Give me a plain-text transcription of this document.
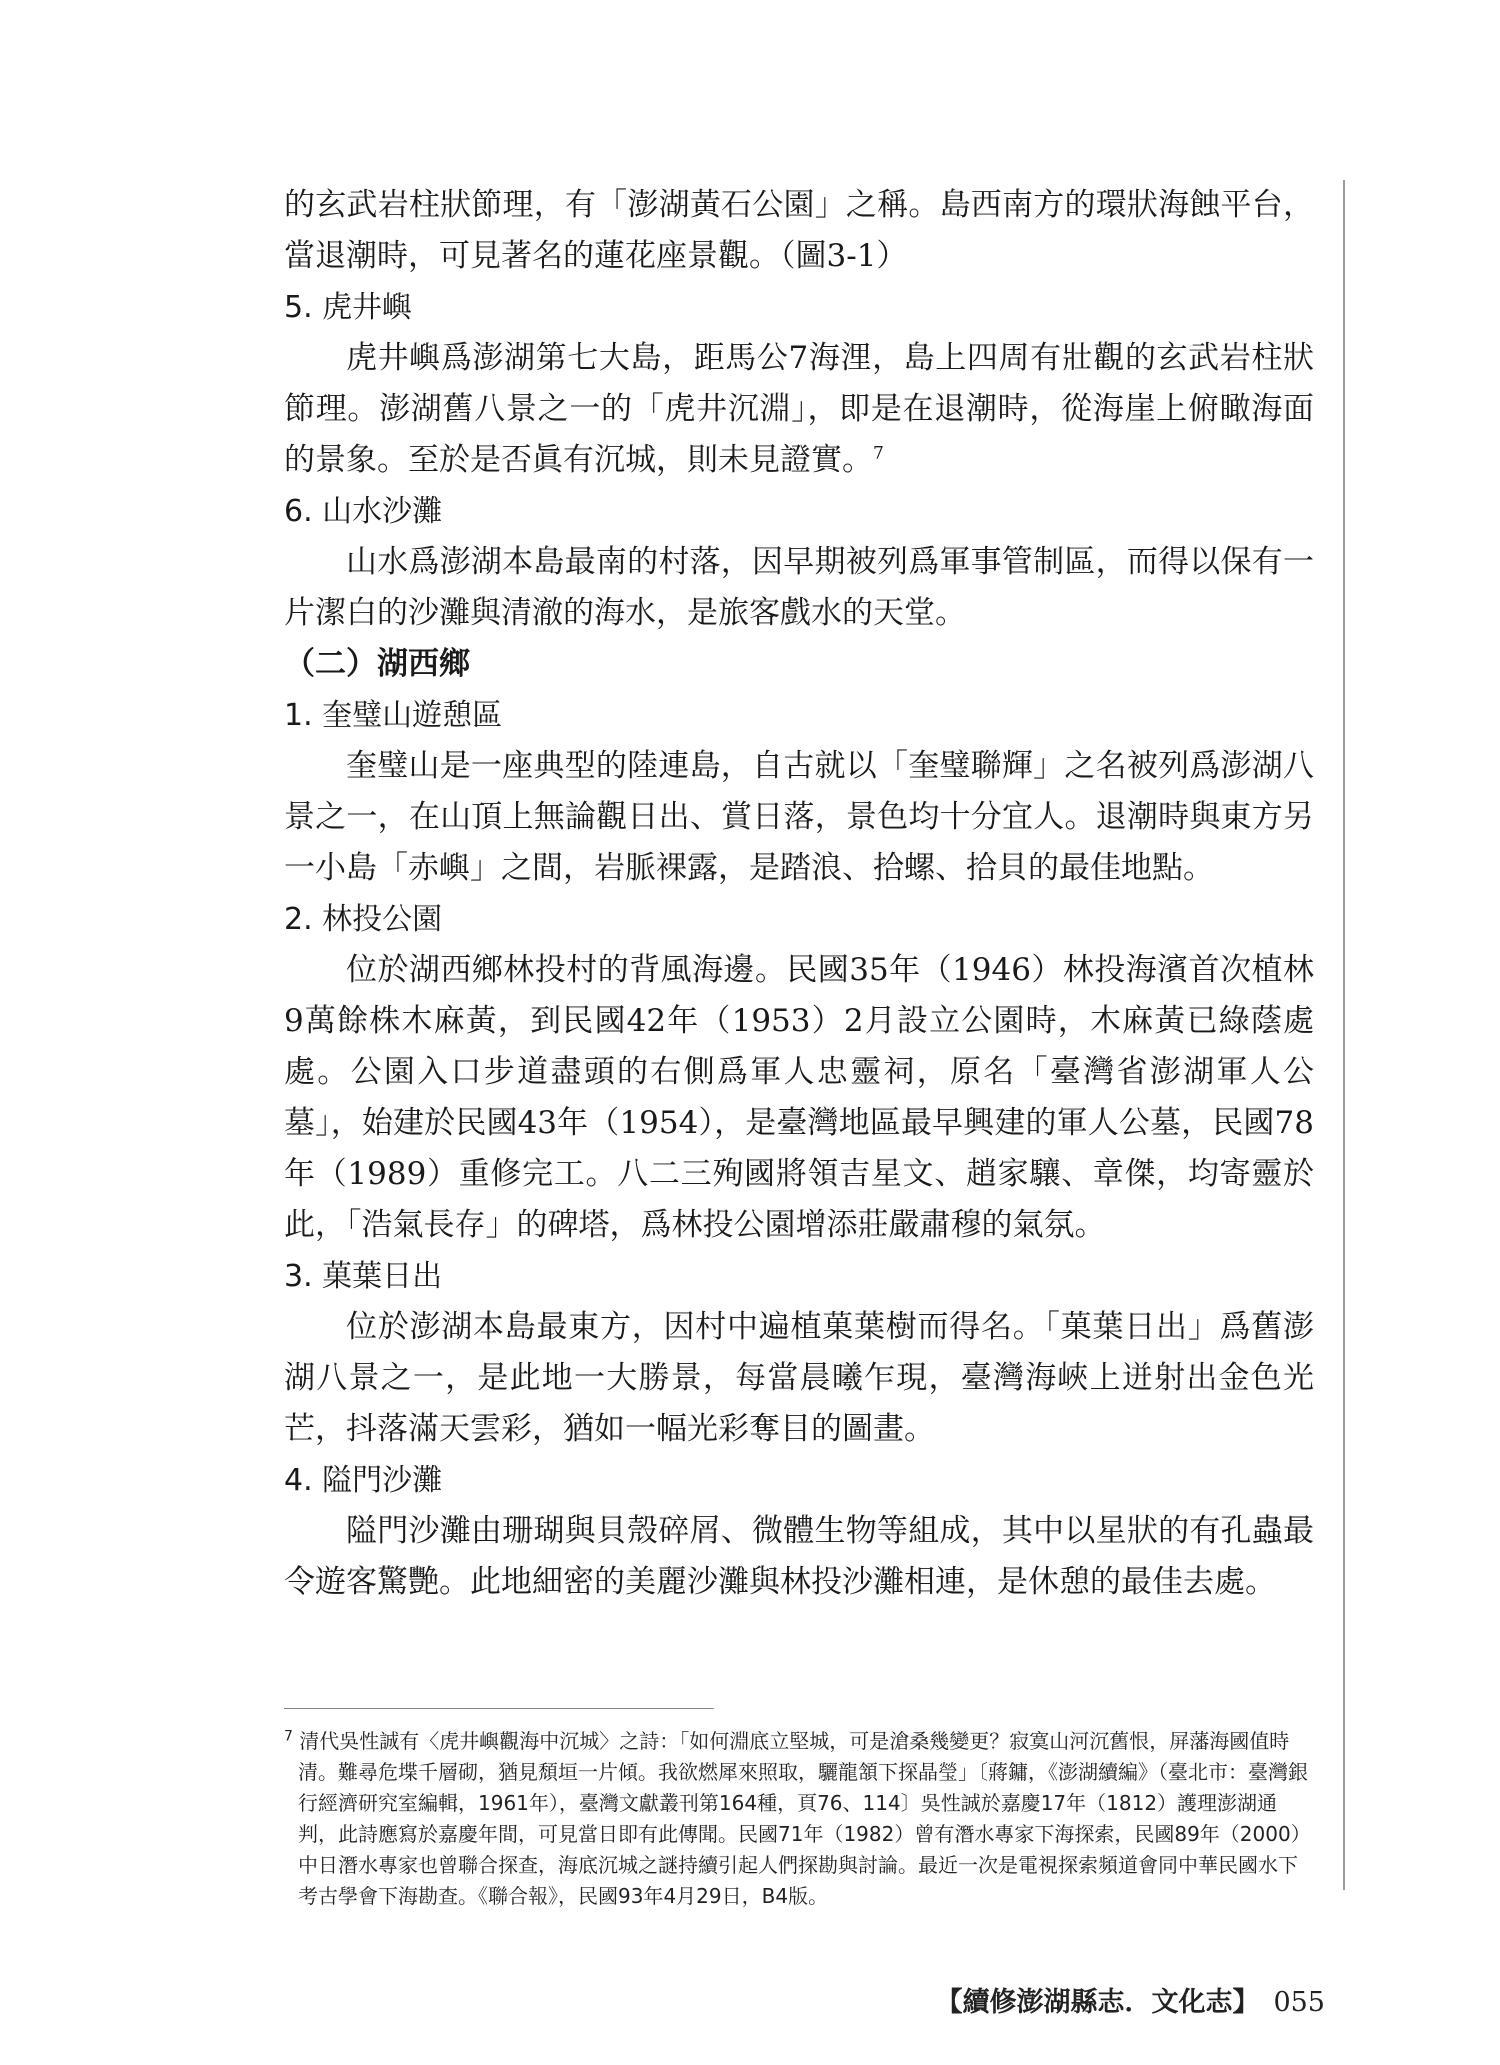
的玄武岩柱狀節理，有「澎湖黃石公園」之稱。島西南方的環狀海蝕平台，當退潮時，可見著名的蓮花座景觀。（圖3-1）

5. 虎井嶼

虎井嶼爲澎湖第七大島，距馬公7海浬，島上四周有壯觀的玄武岩柱狀節理。澎湖舊八景之一的「虎井沉淵」，即是在退潮時，從海崖上俯瞰海面的景象。至於是否眞有沉城，則未見證實。$^7$

6. 山水沙灘

山水爲澎湖本島最南的村落，因早期被列爲軍事管制區，而得以保有一片潔白的沙灘與清澈的海水，是旅客戲水的天堂。

（二）湖西鄉

1. 奎璧山遊憩區

奎璧山是一座典型的陸連島，自古就以「奎璧聯輝」之名被列爲澎湖八景之一，在山頂上無論觀日出、賞日落，景色均十分宜人。退潮時與東方另一小島「赤嶼」之間，岩脈裸露，是踏浪、拾螺、拾貝的最佳地點。

2. 林投公園

位於湖西鄉林投村的背風海邊。民國35年（1946）林投海濱首次植林9萬餘株木麻黃，到民國42年（1953）2月設立公園時，木麻黃已綠蔭處處。公園入口步道盡頭的右側爲軍人忠靈祠，原名「臺灣省澎湖軍人公墓」，始建於民國43年（1954），是臺灣地區最早興建的軍人公墓，民國78年（1989）重修完工。八二三殉國將領吉星文、趙家驤、章傑，均寄靈於此，「浩氣長存」的碑塔，爲林投公園增添莊嚴肅穆的氣氛。

3. 菓葉日出

位於澎湖本島最東方，因村中遍植菓葉樹而得名。「菓葉日出」爲舊澎湖八景之一，是此地一大勝景，每當晨曦乍現，臺灣海峽上迸射出金色光芒，抖落滿天雲彩，猶如一幅光彩奪目的圖畫。

4. 隘門沙灘

隘門沙灘由珊瑚與貝殼碎屑、微體生物等組成，其中以星狀的有孔蟲最令遊客驚艷。此地細密的美麗沙灘與林投沙灘相連，是休憩的最佳去處。

$^7$ 清代吳性誠有〈虎井嶼觀海中沉城〉之詩：「如何淵底立堅城，可是滄桑幾變更？寂寞山河沉舊恨，屏藩海國值時清。難尋危堞千層砌，猶見頹垣一片傾。我欲燃犀來照取，驪龍頷下探晶瑩」〔蔣鏞，《澎湖續編》（臺北市：臺灣銀行經濟研究室編輯，1961年），臺灣文獻叢刊第164種，頁76、114〕吳性誠於嘉慶17年（1812）護理澎湖通判，此詩應寫於嘉慶年間，可見當日即有此傳聞。民國71年（1982）曾有潛水專家下海探索，民國89年（2000）中日潛水專家也曾聯合探查，海底沉城之謎持續引起人們探勘與討論。最近一次是電視探索頻道會同中華民國水下考古學會下海勘查。《聯合報》，民國93年4月29日，B4版。

【續修澎湖縣志．文化志】 055
